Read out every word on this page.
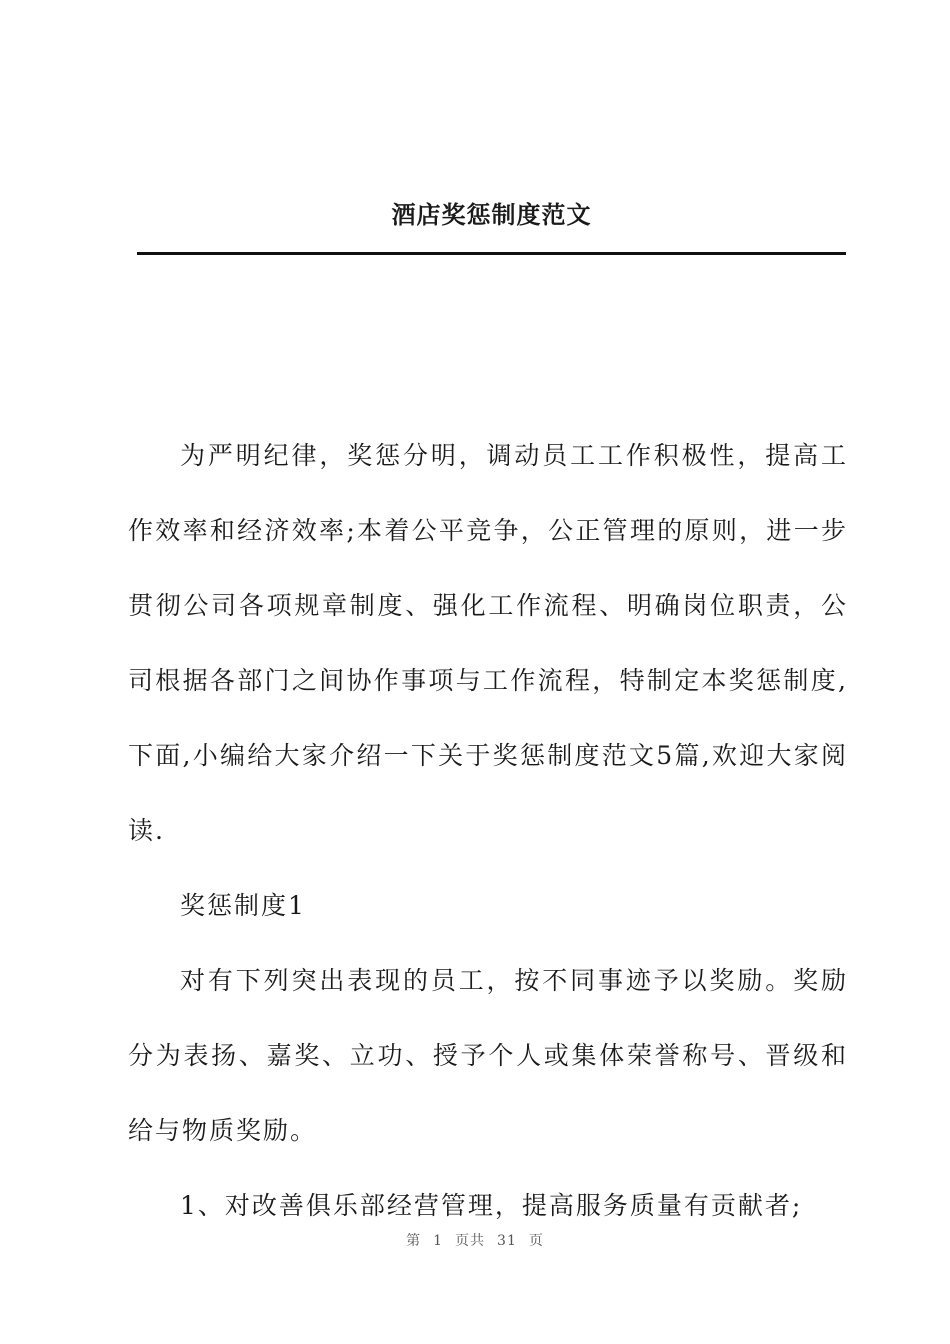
酒店奖惩制度范文

为严明纪律，奖惩分明，调动员工工作积极性，提高工作效率和经济效率;本着公平竞争，公正管理的原则，进一步贯彻公司各项规章制度、强化工作流程、明确岗位职责，公司根据各部门之间协作事项与工作流程，特制定本奖惩制度,下面,小编给大家介绍一下关于奖惩制度范文5篇,欢迎大家阅读.

奖惩制度1

对有下列突出表现的员工，按不同事迹予以奖励。奖励分为表扬、嘉奖、立功、授予个人或集体荣誉称号、晋级和给与物质奖励。

1、对改善俱乐部经营管理，提高服务质量有贡献者;

第 1 页共 31 页
